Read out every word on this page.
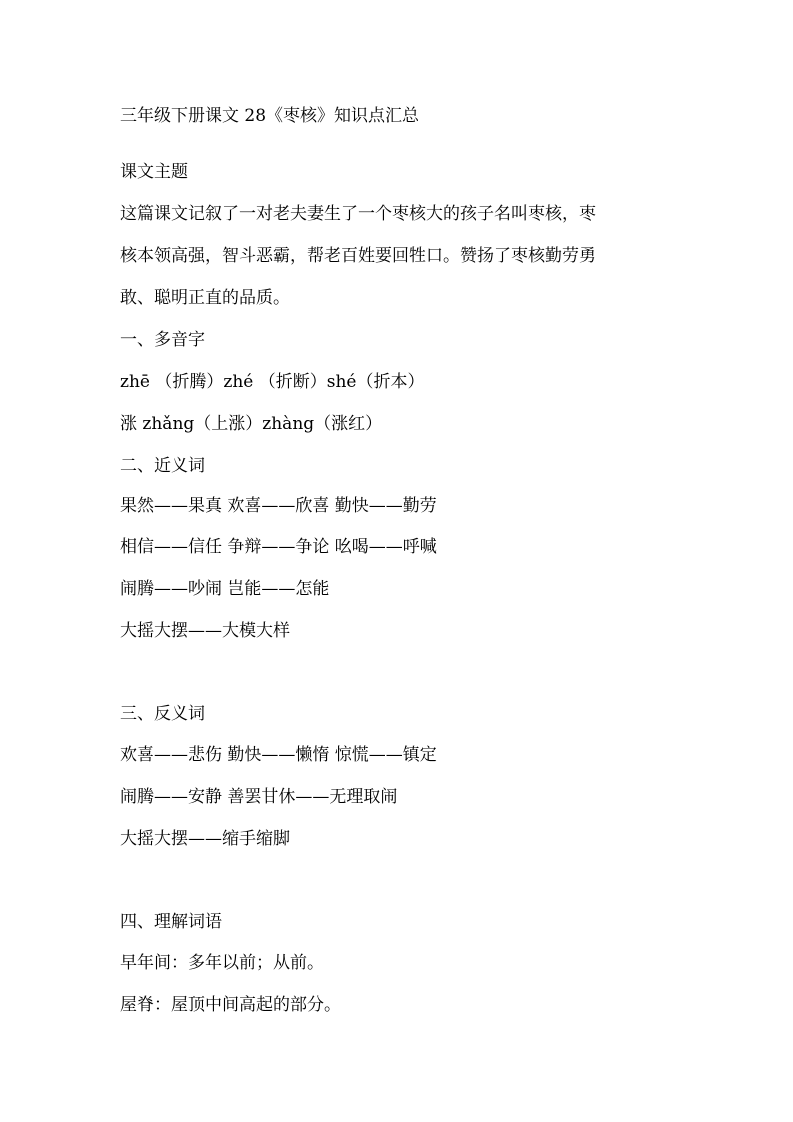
三年级下册课文 28《枣核》知识点汇总

课文主题

这篇课文记叙了一对老夫妻生了一个枣核大的孩子名叫枣核，枣

核本领高强，智斗恶霸，帮老百姓要回牲口。赞扬了枣核勤劳勇

敢、聪明正直的品质。

一、多音字

zhē （折腾）zhé （折断）shé（折本）

涨 zhǎng（上涨）zhàng（涨红）

二、近义词

果然——果真 欢喜——欣喜 勤快——勤劳

相信——信任 争辩——争论 吆喝——呼喊

闹腾——吵闹 岂能——怎能

大摇大摆——大模大样

三、反义词

欢喜——悲伤 勤快——懒惰 惊慌——镇定

闹腾——安静 善罢甘休——无理取闹

大摇大摆——缩手缩脚

四、理解词语

早年间：多年以前；从前。

屋脊：屋顶中间高起的部分。
